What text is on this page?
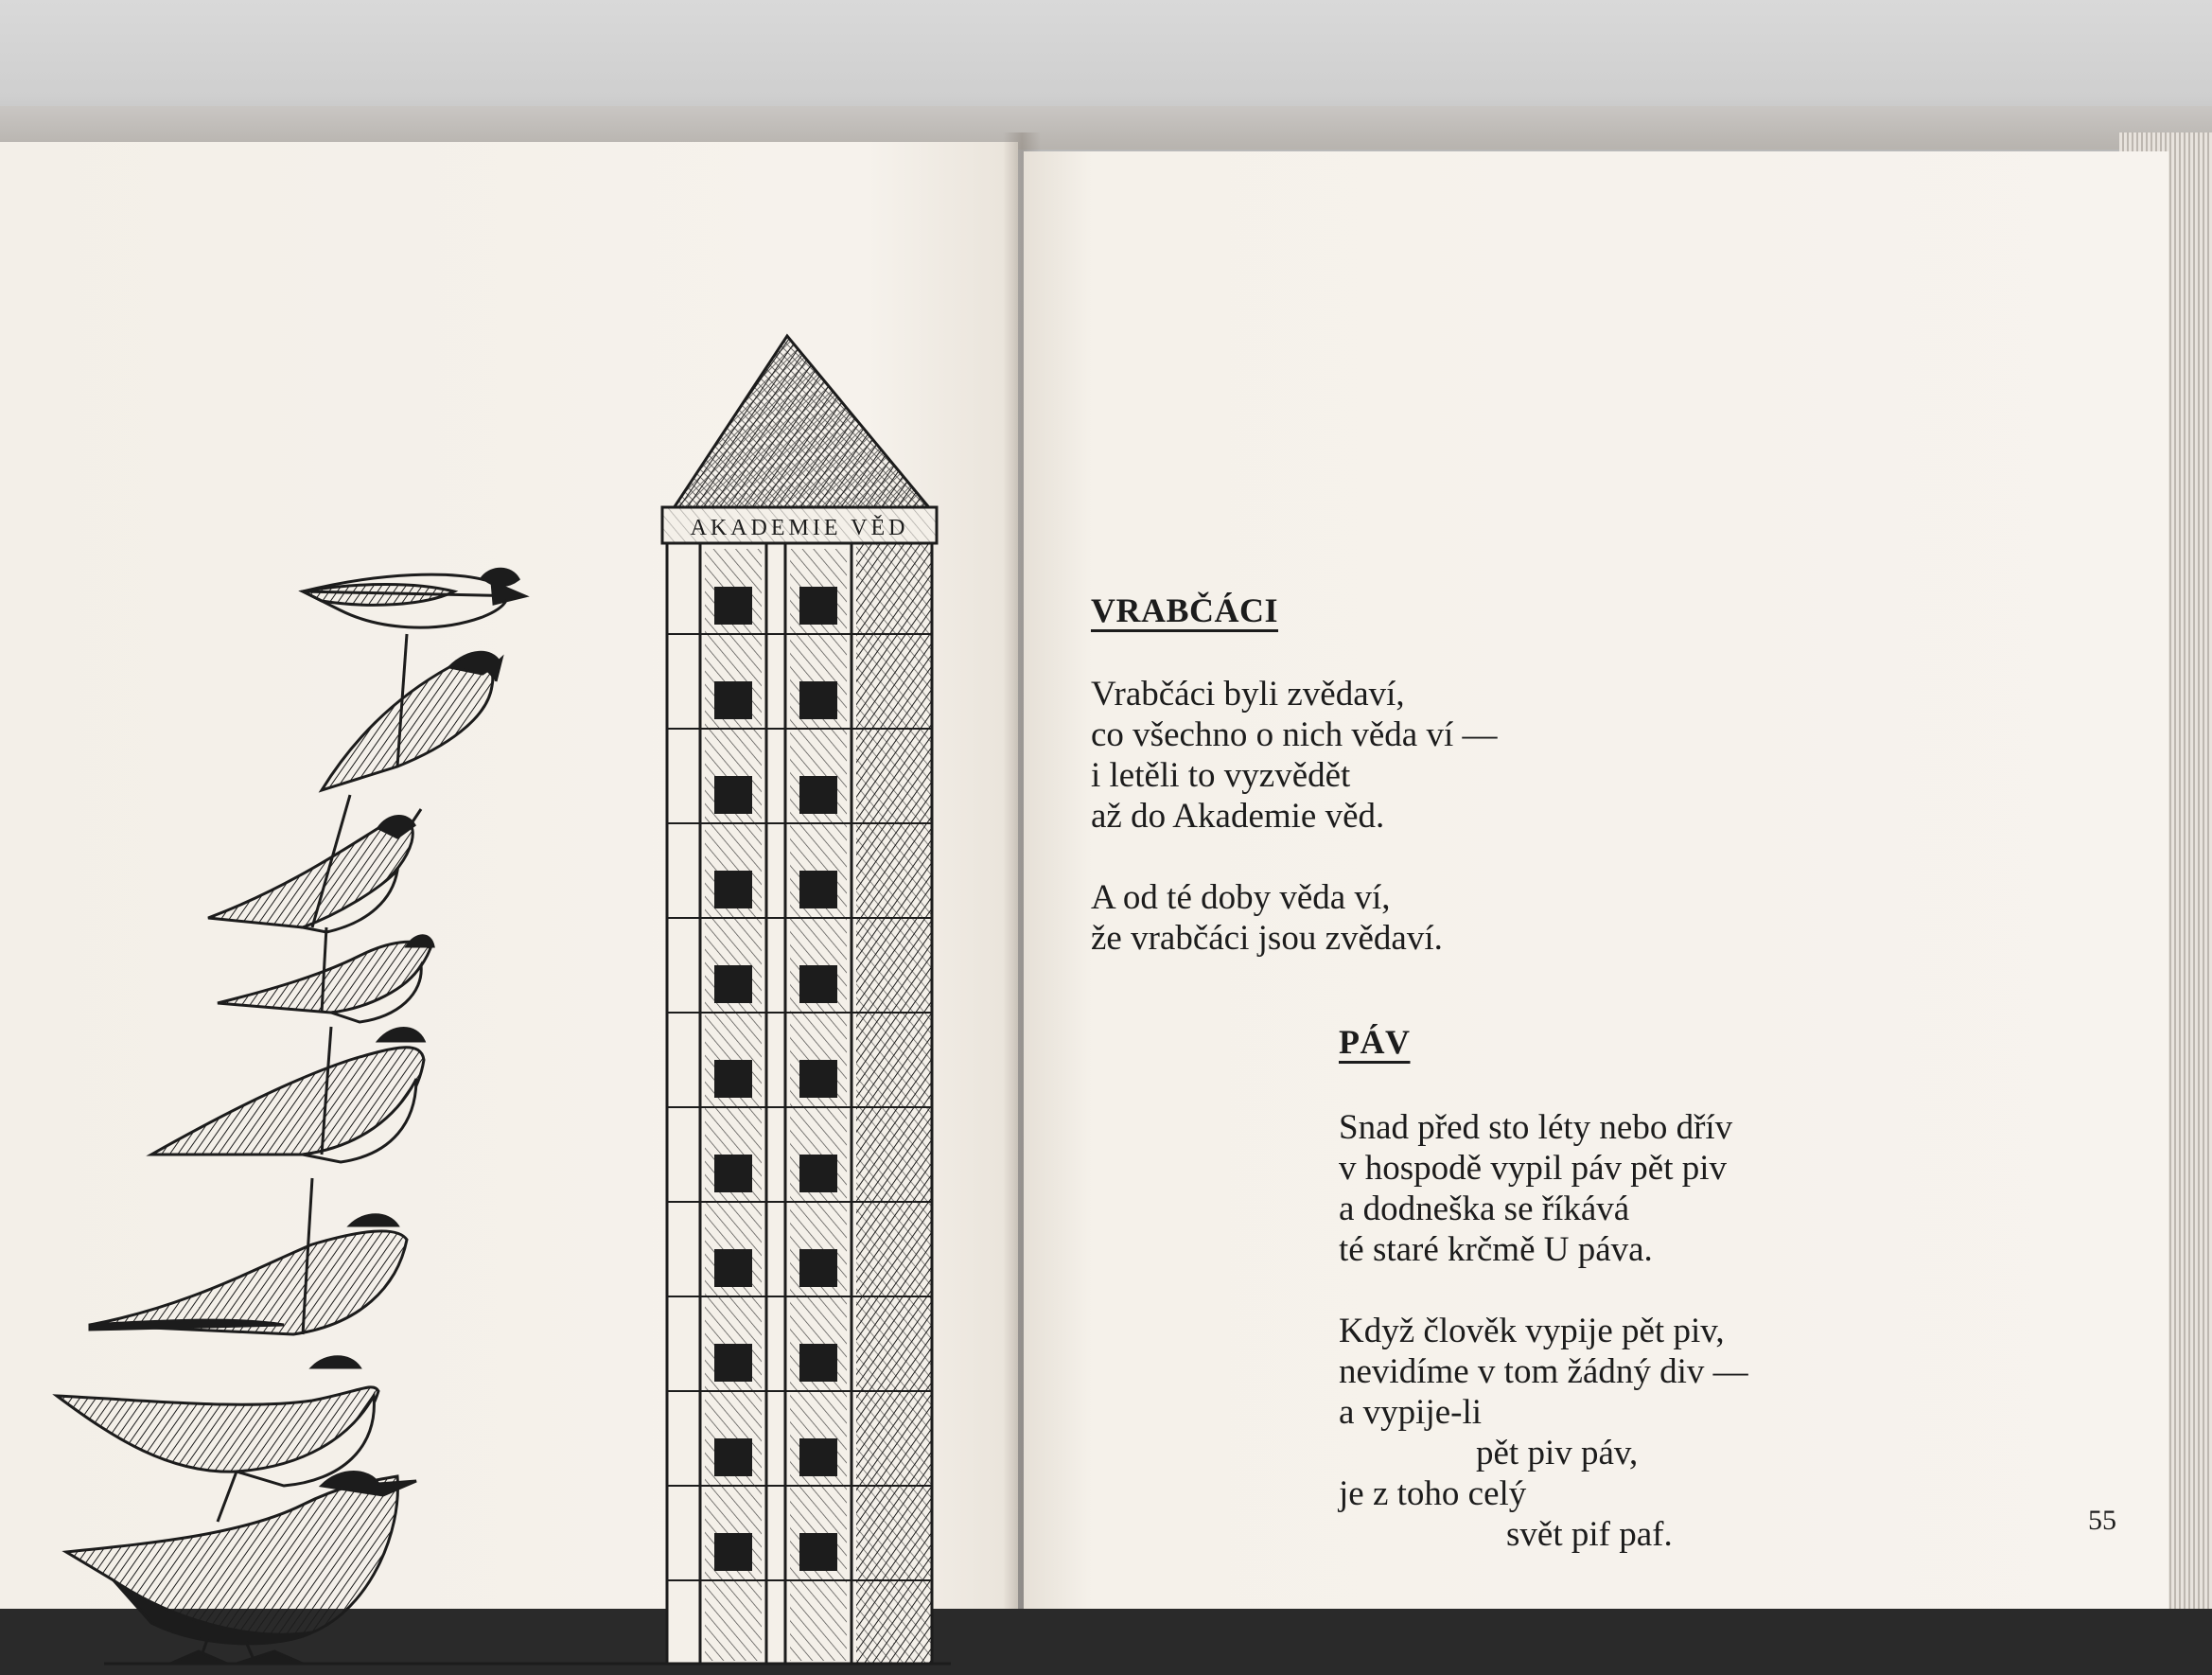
AKADEMIE VĚD
VRABČÁCI
Vrabčáci byli zvědaví,
co všechno o nich věda ví —
i letěli to vyzvědět
až do Akademie věd.
A od té doby věda ví,
že vrabčáci jsou zvědaví.
PÁV
Snad před sto léty nebo dřív
v hospodě vypil páv pět piv
a dodneška se říkává
té staré krčmě U páva.
Když člověk vypije pět piv,
nevidíme v tom žádný div —
a vypije-li
pět piv páv,
je z toho celý
svět pif paf.	55
